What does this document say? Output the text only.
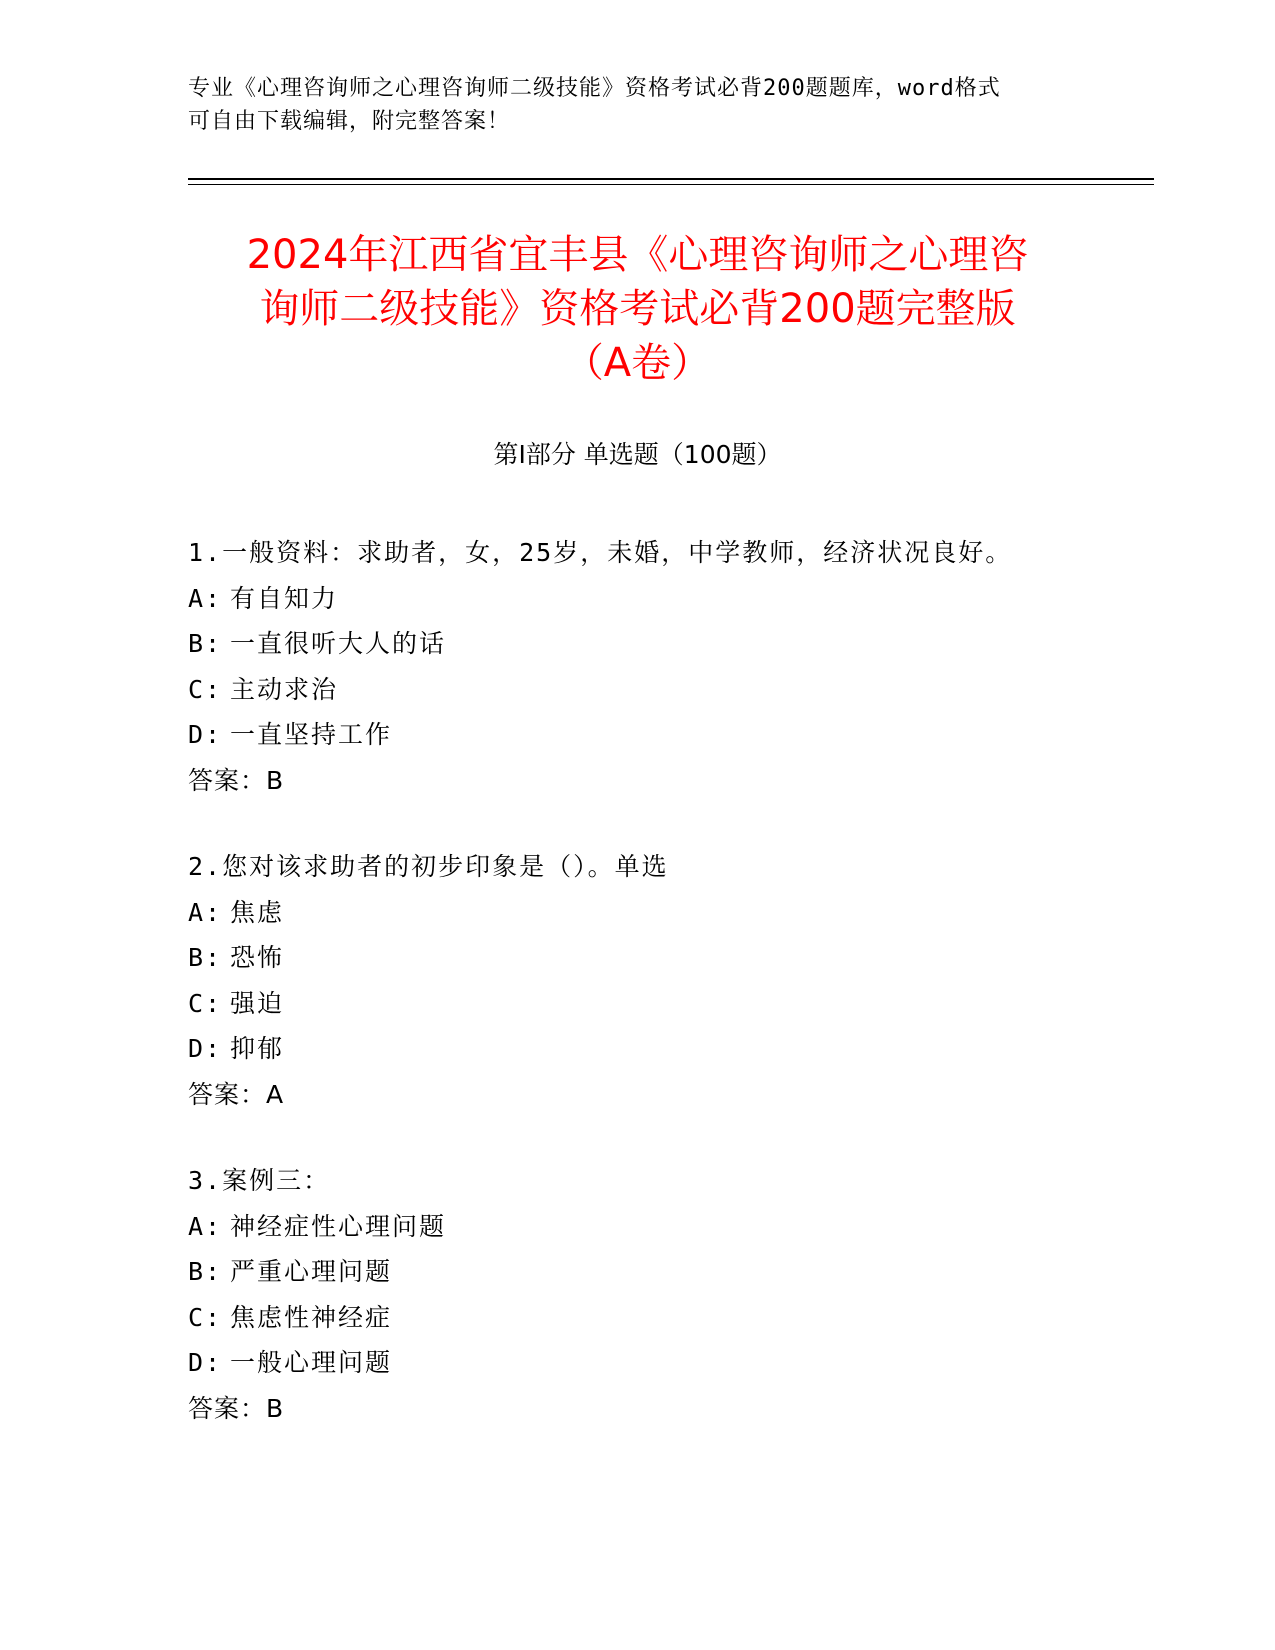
专业《心理咨询师之心理咨询师二级技能》资格考试必背200题题库，word格式
可自由下载编辑，附完整答案！
2024年江西省宜丰县《心理咨询师之心理咨
询师二级技能》资格考试必背200题完整版
（A卷）
第Ⅰ部分 单选题（100题）
1.一般资料：求助者，女，25岁，未婚，中学教师，经济状况良好。
A: 有自知力
B: 一直很听大人的话
C: 主动求治
D: 一直坚持工作
答案：B
2.您对该求助者的初步印象是（）。单选
A: 焦虑
B: 恐怖
C: 强迫
D: 抑郁
答案：A
3.案例三：
A: 神经症性心理问题
B: 严重心理问题
C: 焦虑性神经症
D: 一般心理问题
答案：B
